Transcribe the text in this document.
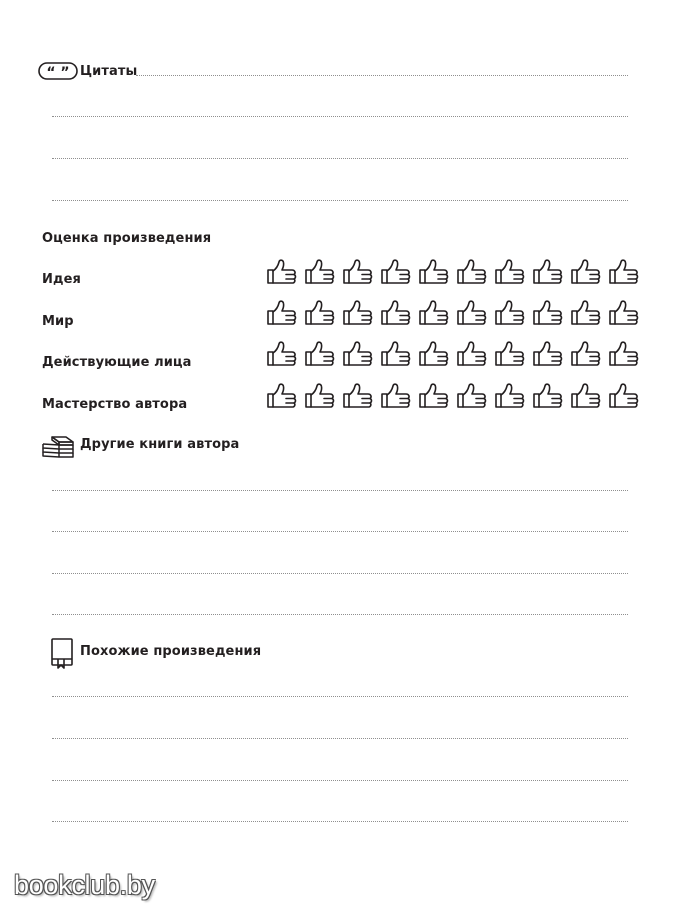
“ ” Цитаты
Оценка произведения
Идея
Мир
Действующие лица
Мастерство автора
Другие книги автора
Похожие произведения
bookclub.by
